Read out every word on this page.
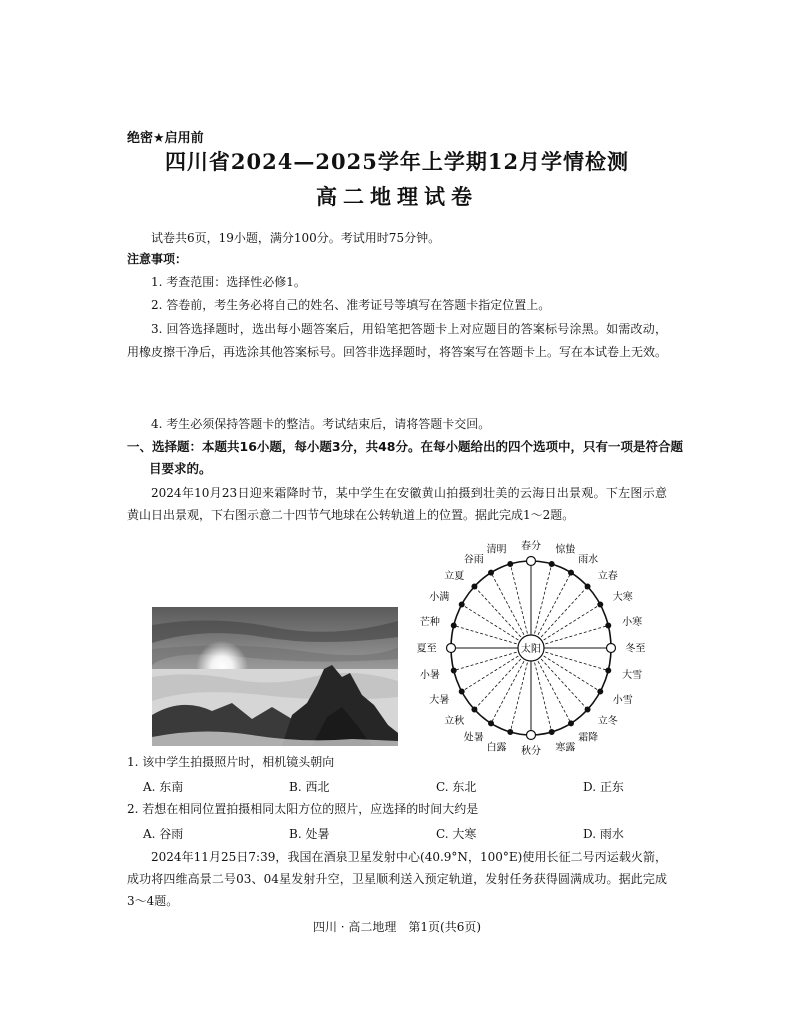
绝密★启用前
四川省2024—2025学年上学期12月学情检测
高二地理试卷
试卷共6页，19小题，满分100分。考试用时75分钟。
注意事项：
1. 考查范围：选择性必修1。
2. 答卷前，考生务必将自己的姓名、准考证号等填写在答题卡指定位置上。
3. 回答选择题时，选出每小题答案后，用铅笔把答题卡上对应题目的答案标号涂黑。如需改动，用橡皮擦干净后，再选涂其他答案标号。回答非选择题时，将答案写在答题卡上。写在本试卷上无效。
4. 考生必须保持答题卡的整洁。考试结束后，请将答题卡交回。
一、选择题：本题共16小题，每小题3分，共48分。在每小题给出的四个选项中，只有一项是符合题目要求的。
2024年10月23日迎来霜降时节，某中学生在安徽黄山拍摄到壮美的云海日出景观。下左图示意黄山日出景观，下右图示意二十四节气地球在公转轨道上的位置。据此完成1～2题。
太阳
春分 惊蛰
雨水
立春
大寒
小寒
冬至
大雪
小雪
立冬
霜降
寒露
秋分
白露
处暑
立秋
大暑
小暑
夏至
芒种
小满
立夏
谷雨
清明
1. 该中学生拍摄照片时，相机镜头朝向
A. 东南	B. 西北	C. 东北	D. 正东
2. 若想在相同位置拍摄相同太阳方位的照片，应选择的时间大约是
A. 谷雨	B. 处暑	C. 大寒	D. 雨水
2024年11月25日7:39，我国在酒泉卫星发射中心(40.9°N，100°E)使用长征二号丙运载火箭，成功将四维高景二号03、04星发射升空，卫星顺利送入预定轨道，发射任务获得圆满成功。据此完成3～4题。
四川 · 高二地理　第1页(共6页)
